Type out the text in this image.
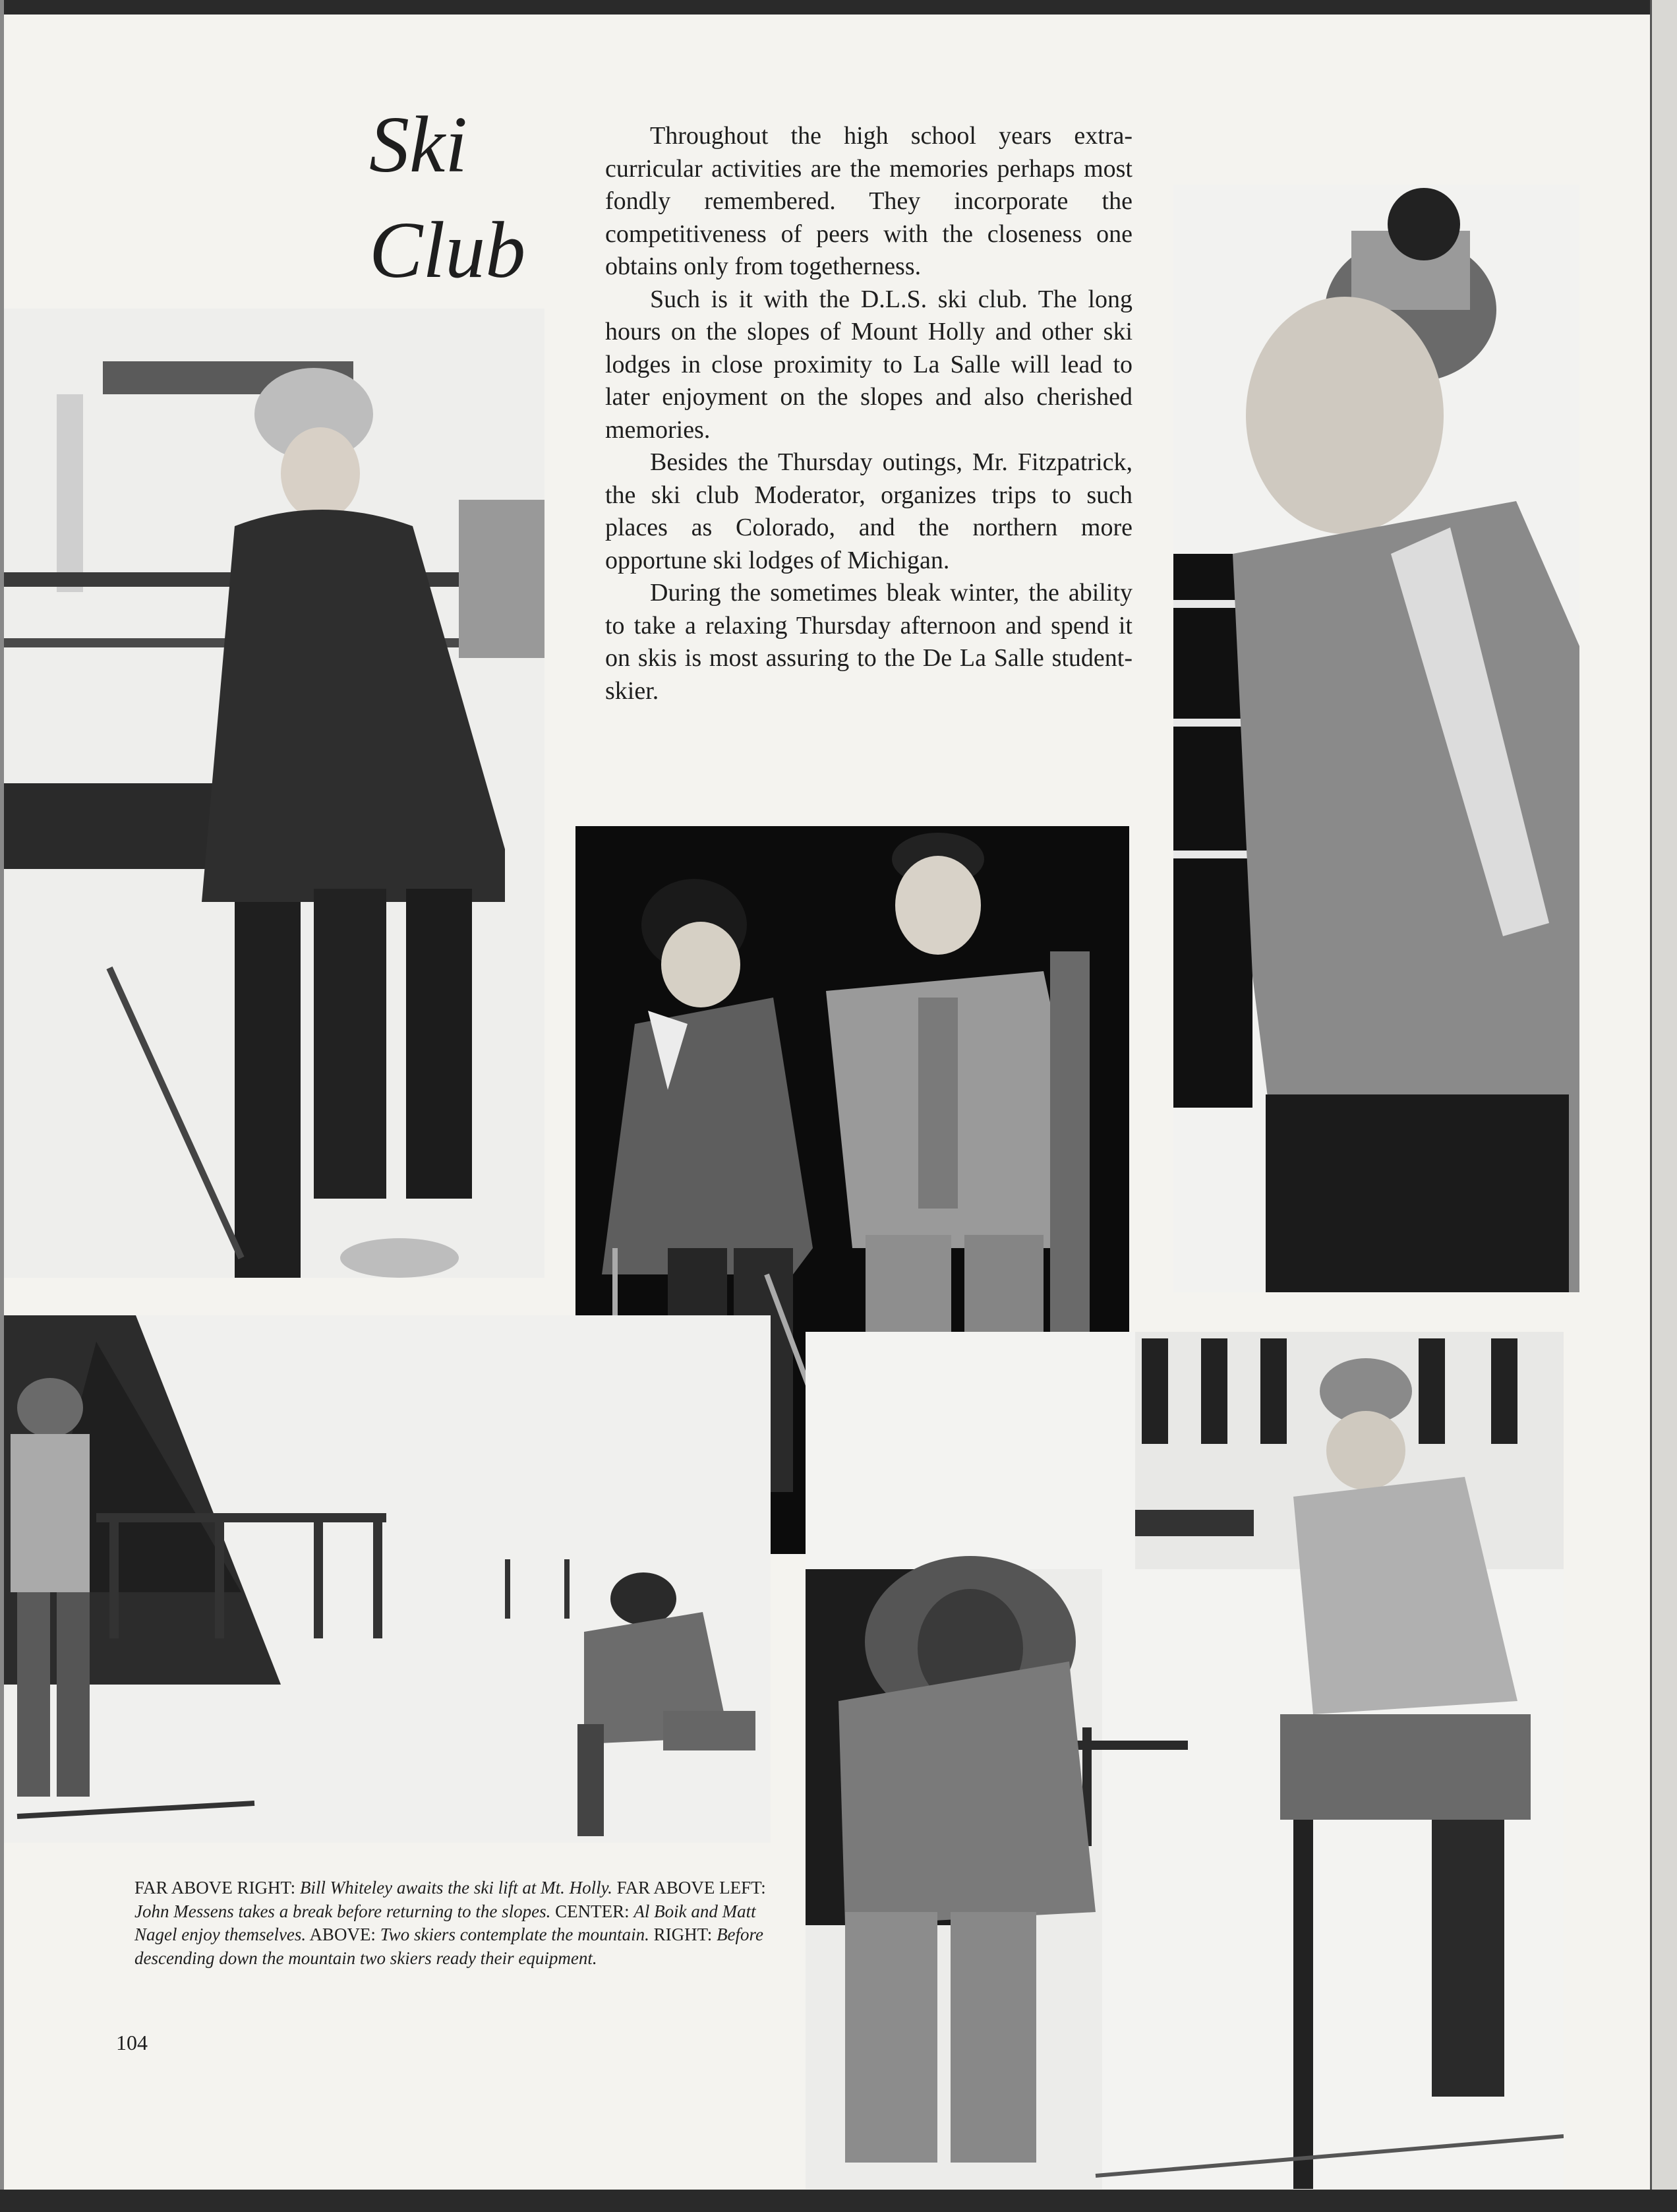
Ski
Club

Throughout the high school years extra-curricular activities are the memories perhaps most fondly remembered. They incorporate the competitiveness of peers with the closeness one obtains only from togetherness.

Such is it with the D.L.S. ski club. The long hours on the slopes of Mount Holly and other ski lodges in close proximity to La Salle will lead to later enjoyment on the slopes and also cherished memories.

Besides the Thursday outings, Mr. Fitzpatrick, the ski club Moderator, organizes trips to such places as Colorado, and the northern more opportune ski lodges of Michigan.

During the sometimes bleak winter, the ability to take a relaxing Thursday afternoon and spend it on skis is most assuring to the De La Salle student-skier.

FAR ABOVE RIGHT: Bill Whiteley awaits the ski lift at Mt. Holly. FAR ABOVE LEFT: John Messens takes a break before returning to the slopes. CENTER: Al Boik and Matt Nagel enjoy themselves. ABOVE: Two skiers contemplate the mountain. RIGHT: Before descending down the mountain two skiers ready their equipment.
104
